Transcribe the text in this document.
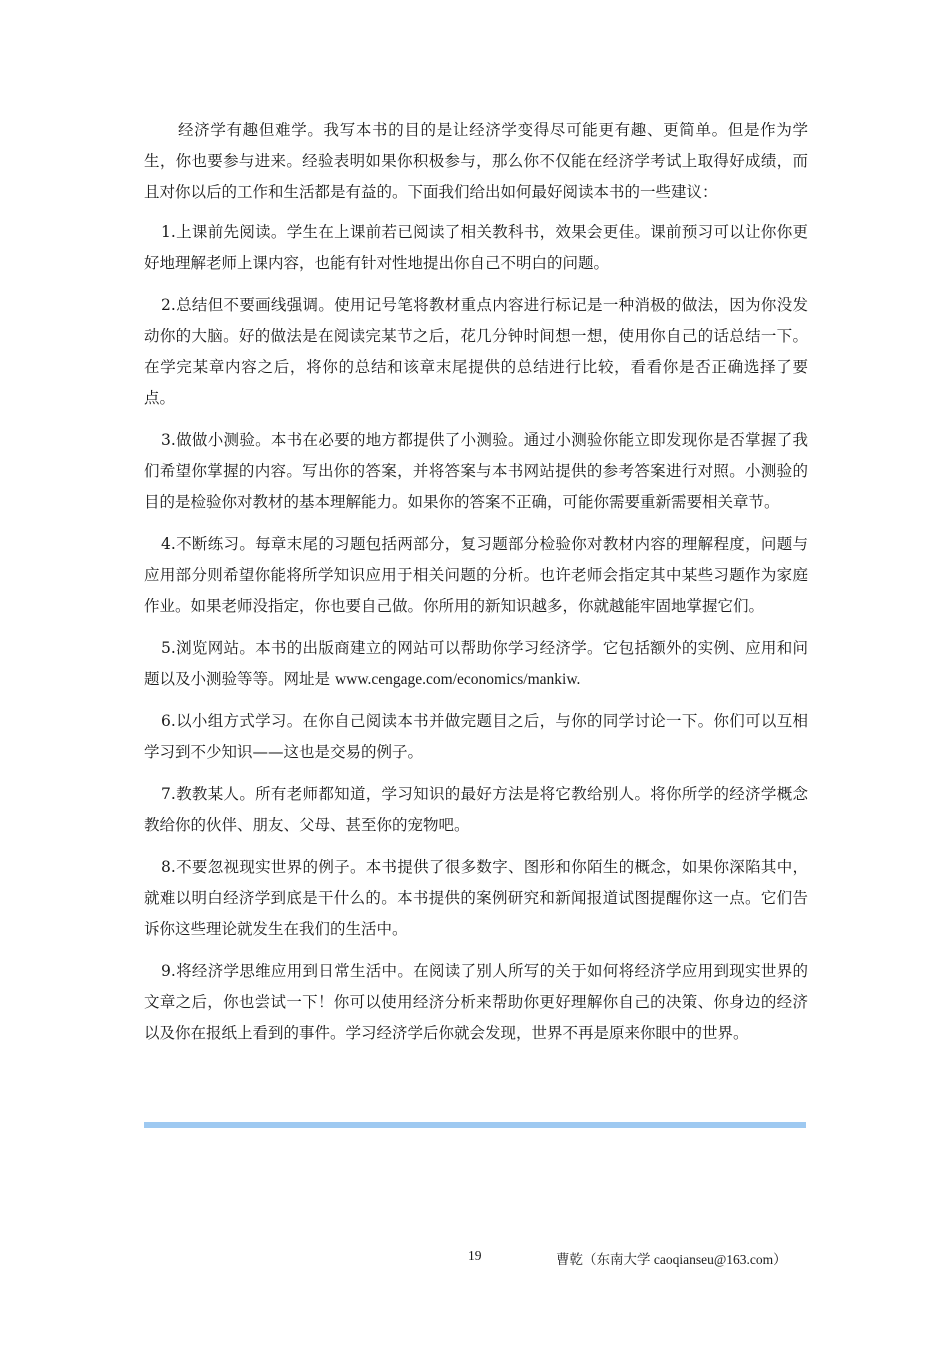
经济学有趣但难学。我写本书的目的是让经济学变得尽可能更有趣、更简单。但是作为学生，你也要参与进来。经验表明如果你积极参与，那么你不仅能在经济学考试上取得好成绩，而且对你以后的工作和生活都是有益的。下面我们给出如何最好阅读本书的一些建议：

1.上课前先阅读。学生在上课前若已阅读了相关教科书，效果会更佳。课前预习可以让你你更好地理解老师上课内容，也能有针对性地提出你自己不明白的问题。

2.总结但不要画线强调。使用记号笔将教材重点内容进行标记是一种消极的做法，因为你没发动你的大脑。好的做法是在阅读完某节之后，花几分钟时间想一想，使用你自己的话总结一下。在学完某章内容之后，将你的总结和该章末尾提供的总结进行比较，看看你是否正确选择了要点。

3.做做小测验。本书在必要的地方都提供了小测验。通过小测验你能立即发现你是否掌握了我们希望你掌握的内容。写出你的答案，并将答案与本书网站提供的参考答案进行对照。小测验的目的是检验你对教材的基本理解能力。如果你的答案不正确，可能你需要重新需要相关章节。

4.不断练习。每章末尾的习题包括两部分，复习题部分检验你对教材内容的理解程度，问题与应用部分则希望你能将所学知识应用于相关问题的分析。也许老师会指定其中某些习题作为家庭作业。如果老师没指定，你也要自己做。你所用的新知识越多，你就越能牢固地掌握它们。

5.浏览网站。本书的出版商建立的网站可以帮助你学习经济学。它包括额外的实例、应用和问题以及小测验等等。网址是 www.cengage.com/economics/mankiw.

6.以小组方式学习。在你自己阅读本书并做完题目之后，与你的同学讨论一下。你们可以互相学习到不少知识——这也是交易的例子。

7.教教某人。所有老师都知道，学习知识的最好方法是将它教给别人。将你所学的经济学概念教给你的伙伴、朋友、父母、甚至你的宠物吧。

8.不要忽视现实世界的例子。本书提供了很多数字、图形和你陌生的概念，如果你深陷其中，就难以明白经济学到底是干什么的。本书提供的案例研究和新闻报道试图提醒你这一点。它们告诉你这些理论就发生在我们的生活中。

9.将经济学思维应用到日常生活中。在阅读了别人所写的关于如何将经济学应用到现实世界的文章之后，你也尝试一下！你可以使用经济分析来帮助你更好理解你自己的决策、你身边的经济以及你在报纸上看到的事件。学习经济学后你就会发现，世界不再是原来你眼中的世界。

19	曹乾（东南大学 caoqianseu@163.com）
